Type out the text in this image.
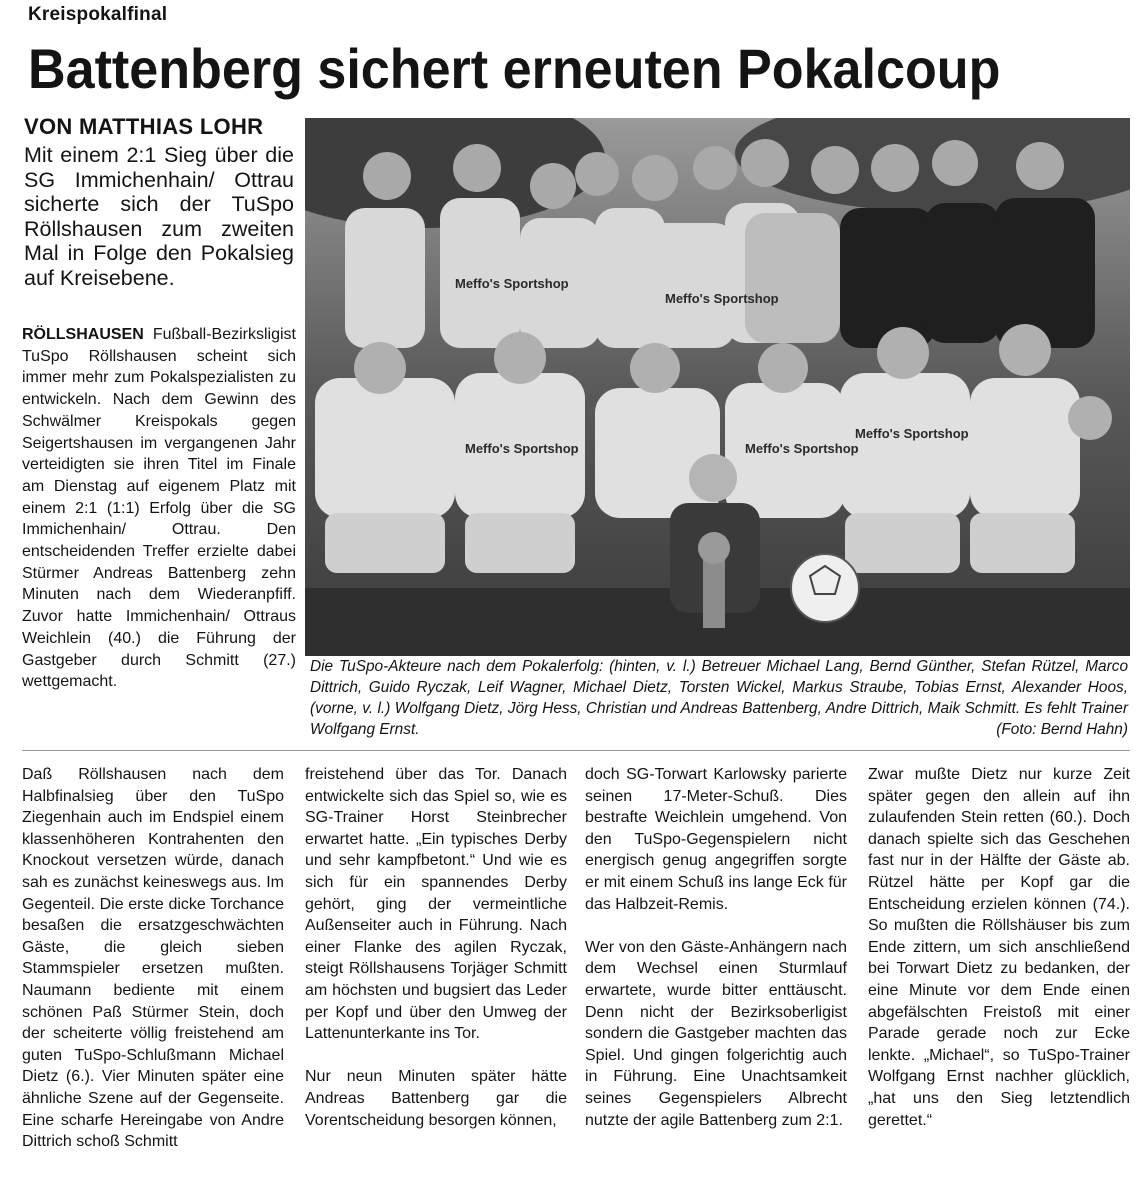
Kreispokalfinal
Battenberg sichert erneuten Pokalcoup
VON MATTHIAS LOHR
Mit einem 2:1 Sieg über die SG Immichenhain/ Ottrau sicherte sich der TuSpo Röllshausen zum zweiten Mal in Folge den Pokalsieg auf Kreisebene.
RÖLLSHAUSEN Fußball-Bezirksligist TuSpo Röllshausen scheint sich immer mehr zum Pokalspezialisten zu entwickeln. Nach dem Gewinn des Schwälmer Kreispokals gegen Seigertshausen im vergangenen Jahr verteidigten sie ihren Titel im Finale am Dienstag auf eigenem Platz mit einem 2:1 (1:1) Erfolg über die SG Immichenhain/ Ottrau. Den entscheidenden Treffer erzielte dabei Stürmer Andreas Battenberg zehn Minuten nach dem Wiederanpfiff. Zuvor hatte Immichenhain/ Ottraus Weichlein (40.) die Führung der Gastgeber durch Schmitt (27.) wettgemacht.
Meffo's Sportshop
Meffo's Sportshop
Meffo's Sportshop	Meffo's Sportshop
Meffo's Sportshop
Die TuSpo-Akteure nach dem Pokalerfolg: (hinten, v. l.) Betreuer Michael Lang, Bernd Günther, Stefan Rützel, Marco Dittrich, Guido Ryczak, Leif Wagner, Michael Dietz, Torsten Wickel, Markus Straube, Tobias Ernst, Alexander Hoos, (vorne, v. l.) Wolfgang Dietz, Jörg Hess, Christian und Andreas Battenberg, Andre Dittrich, Maik Schmitt. Es fehlt Trainer Wolfgang Ernst.	(Foto: Bernd Hahn)

Daß Röllshausen nach dem Halbfinalsieg über den TuSpo Ziegenhain auch im Endspiel einem klassenhöheren Kontrahenten den Knockout versetzen würde, danach sah es zunächst keineswegs aus. Im Gegenteil. Die erste dicke Torchance besaßen die ersatzgeschwächten Gäste, die gleich sieben Stammspieler ersetzen mußten. Naumann bediente mit einem schönen Paß Stürmer Stein, doch der scheiterte völlig freistehend am guten TuSpo-Schlußmann Michael Dietz (6.). Vier Minuten später eine ähnliche Szene auf der Gegenseite. Eine scharfe Hereingabe von Andre Dittrich schoß Schmitt

freistehend über das Tor. Danach entwickelte sich das Spiel so, wie es SG-Trainer Horst Steinbrecher erwartet hatte. „Ein typisches Derby und sehr kampfbetont.“ Und wie es sich für ein spannendes Derby gehört, ging der vermeintliche Außenseiter auch in Führung. Nach einer Flanke des agilen Ryczak, steigt Röllshausens Torjäger Schmitt am höchsten und bugsiert das Leder per Kopf und über den Umweg der Lattenunterkante ins Tor.

Nur neun Minuten später hätte Andreas Battenberg gar die Vorentscheidung besorgen können,

doch SG-Torwart Karlowsky parierte seinen 17-Meter-Schuß. Dies bestrafte Weichlein umgehend. Von den TuSpo-Gegenspielern nicht energisch genug angegriffen sorgte er mit einem Schuß ins lange Eck für das Halbzeit-Remis.

Wer von den Gäste-Anhängern nach dem Wechsel einen Sturmlauf erwartete, wurde bitter enttäuscht. Denn nicht der Bezirksoberligist sondern die Gastgeber machten das Spiel. Und gingen folgerichtig auch in Führung. Eine Unachtsamkeit seines Gegenspielers Albrecht nutzte der agile Battenberg zum 2:1.

Zwar mußte Dietz nur kurze Zeit später gegen den allein auf ihn zulaufenden Stein retten (60.). Doch danach spielte sich das Geschehen fast nur in der Hälfte der Gäste ab. Rützel hätte per Kopf gar die Entscheidung erzielen können (74.). So mußten die Röllshäuser bis zum Ende zittern, um sich anschließend bei Torwart Dietz zu bedanken, der eine Minute vor dem Ende einen abgefälschten Freistoß mit einer Parade gerade noch zur Ecke lenkte. „Michael“, so TuSpo-Trainer Wolfgang Ernst nachher glücklich, „hat uns den Sieg letztendlich gerettet.“
